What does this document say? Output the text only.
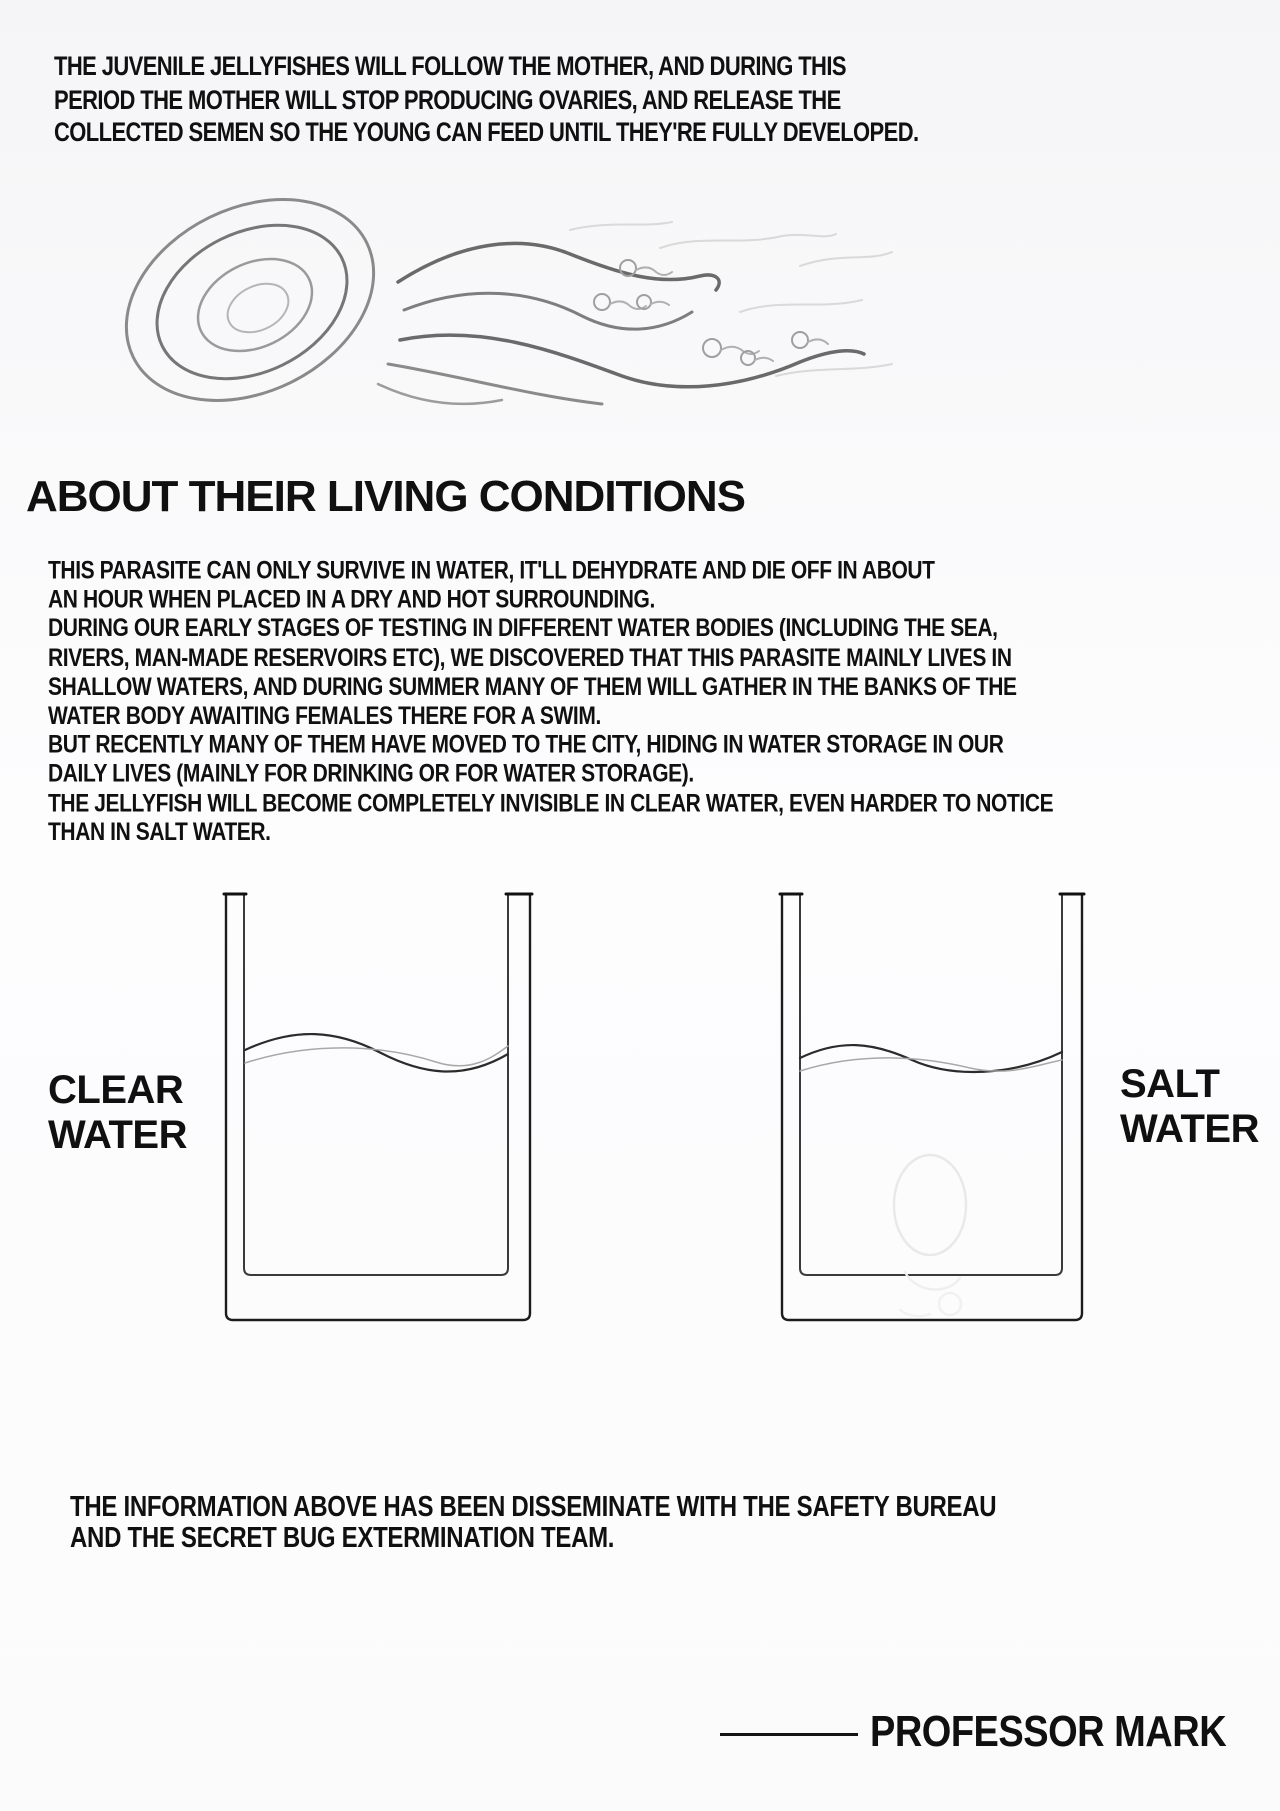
THE JUVENILE JELLYFISHES WILL FOLLOW THE MOTHER, AND DURING THIS
PERIOD THE MOTHER WILL STOP PRODUCING OVARIES, AND RELEASE THE
COLLECTED SEMEN SO THE YOUNG CAN FEED UNTIL THEY'RE FULLY DEVELOPED.
ABOUT THEIR LIVING CONDITIONS
THIS PARASITE CAN ONLY SURVIVE IN WATER, IT'LL DEHYDRATE AND DIE OFF IN ABOUT
AN HOUR WHEN PLACED IN A DRY AND HOT SURROUNDING.
DURING OUR EARLY STAGES OF TESTING IN DIFFERENT WATER BODIES (INCLUDING THE SEA,
RIVERS, MAN-MADE RESERVOIRS ETC), WE DISCOVERED THAT THIS PARASITE MAINLY LIVES IN
SHALLOW WATERS, AND DURING SUMMER MANY OF THEM WILL GATHER IN THE BANKS OF THE
WATER BODY AWAITING FEMALES THERE FOR A SWIM.
BUT RECENTLY MANY OF THEM HAVE MOVED TO THE CITY, HIDING IN WATER STORAGE IN OUR
DAILY LIVES (MAINLY FOR DRINKING OR FOR WATER STORAGE).
THE JELLYFISH WILL BECOME COMPLETELY INVISIBLE IN CLEAR WATER, EVEN HARDER TO NOTICE
THAN IN SALT WATER.
CLEAR
WATER
SALT
WATER
THE INFORMATION ABOVE HAS BEEN DISSEMINATE WITH THE SAFETY BUREAU
AND THE SECRET BUG EXTERMINATION TEAM.
PROFESSOR MARK
